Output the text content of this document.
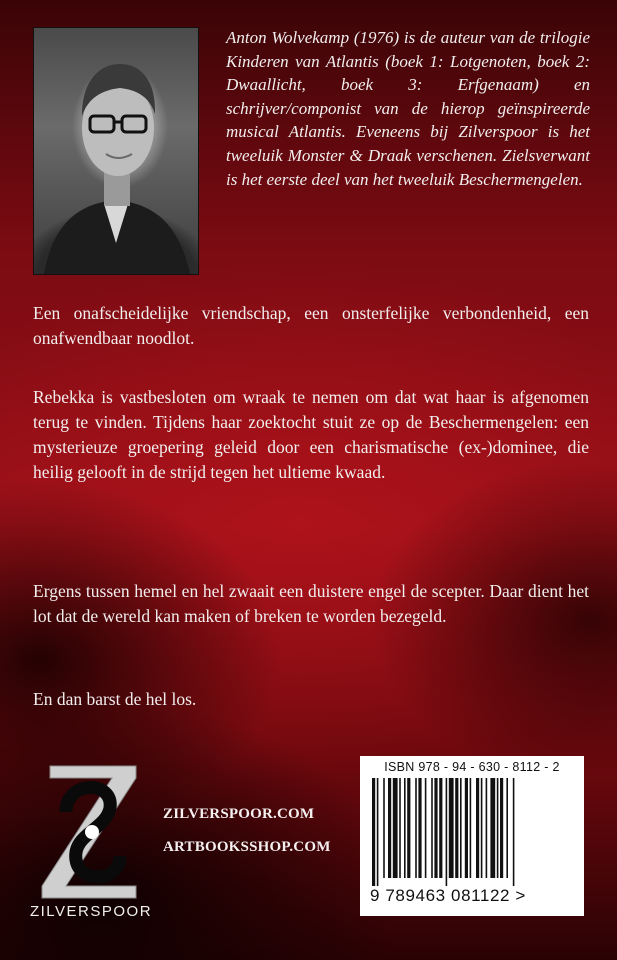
Anton Wolvekamp (1976) is de auteur van de trilogie Kinderen van Atlantis (boek 1: Lotgenoten, boek 2: Dwaallicht, boek 3: Erfgenaam) en schrijver/componist van de hierop geïnspireerde musical Atlantis. Eveneens bij Zilverspoor is het tweeluik Monster & Draak verschenen. Zielsverwant is het eerste deel van het tweeluik Beschermengelen.

Een onafscheidelijke vriendschap, een onsterfelijke verbondenheid, een onafwendbaar noodlot.

Rebekka is vastbesloten om wraak te nemen om dat wat haar is afgenomen terug te vinden. Tijdens haar zoektocht stuit ze op de Beschermengelen: een mysterieuze groepering geleid door een charismatische (ex-)dominee, die heilig gelooft in de strijd tegen het ultieme kwaad.

Ergens tussen hemel en hel zwaait een duistere engel de scepter. Daar dient het lot dat de wereld kan maken of breken te worden bezegeld.

En dan barst de hel los.

ZILVERSPOOR
ZILVERSPOOR.COM
ARTBOOKSSHOP.COM
ISBN 978 - 94 - 630 - 8112 - 2
9 789463 081122 >
